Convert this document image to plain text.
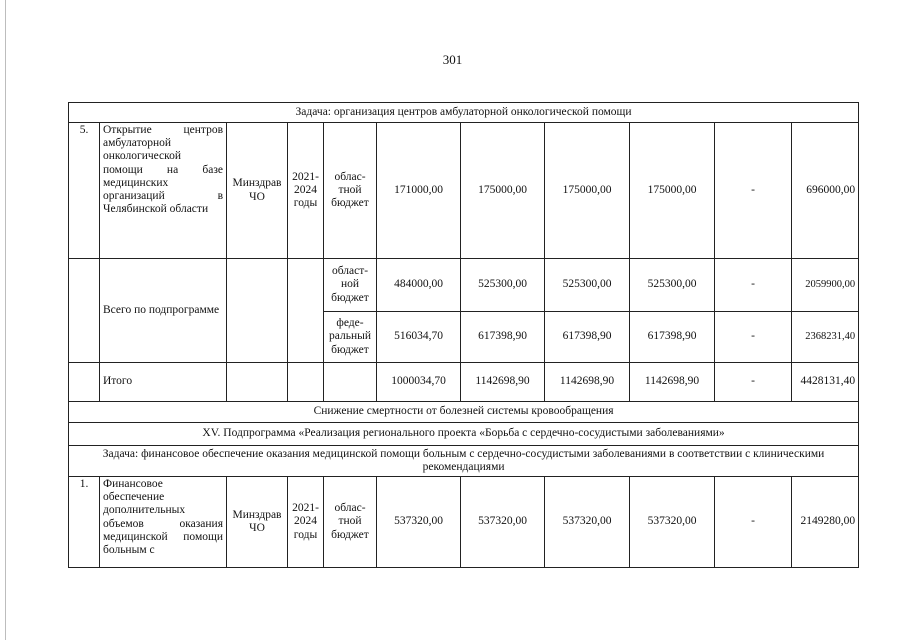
301
Задача: организация центров амбулаторной онкологической помощи										
5.	Открытие центров амбулаторной онкологической помощи на базе медицинских организаций в Челябинской области	Минздрав ЧО	2021-2024 годы	облас-тной бюджет	171000,00	175000,00	175000,00	175000,00	-	696000,00
	Всего по подпрограмме			област-ной бюджет	484000,00	525300,00	525300,00	525300,00	-	2059900,00
				феде-ральный бюджет	516034,70	617398,90	617398,90	617398,90	-	2368231,40
	Итого				1000034,70	1142698,90	1142698,90	1142698,90	-	4428131,40
Снижение смертности от болезней системы кровообращения										
XV. Подпрограмма «Реализация регионального проекта «Борьба с сердечно-сосудистыми заболеваниями»										
Задача: финансовое обеспечение оказания медицинской помощи больным с сердечно-сосудистыми заболеваниями в соответствии с клиническими рекомендациями										
1.	Финансовое обеспечение дополнительных объемов оказания медицинской помощи больным с	Минздрав ЧО	2021-2024 годы	облас-тной бюджет	537320,00	537320,00	537320,00	537320,00	-	2149280,00
